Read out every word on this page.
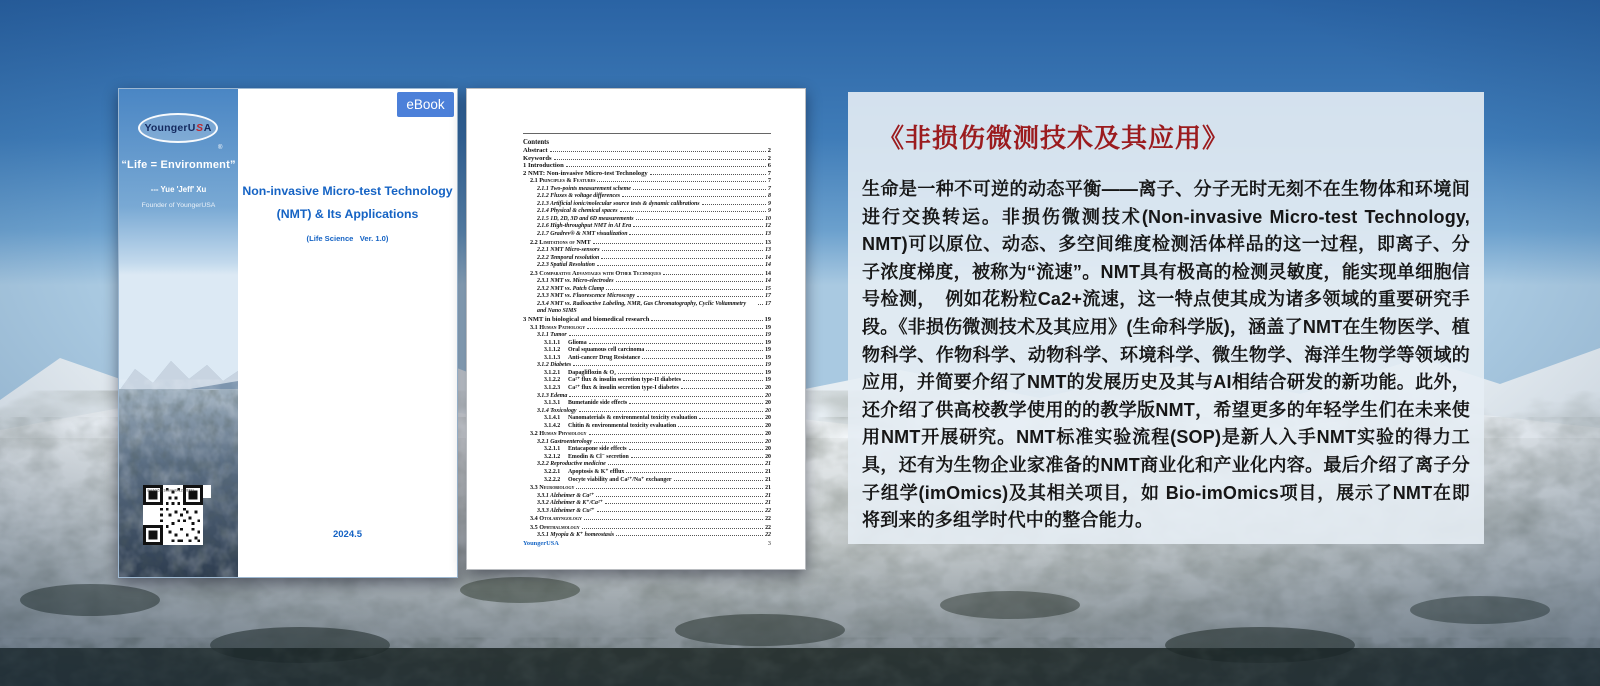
YoungerU S A
®
“Life = Environment”
--- Yue 'Jeff' Xu
Founder of YoungerUSA
doi:10.5281/zenodo.11518221
eBook
Non-invasive Micro-test Technology
(NMT) & Its Applications
(Life Science   Ver. 1.0)
2024.5
Contents
Abstract	2
Keywords	2
1 Introduction	6
2 NMT: Non-invasive Micro-test Technology	7
2.1 Principles & Features	7
2.1.1 Two-points measurement scheme	7
2.1.2 Fluxes & voltage differences	8
2.1.3 Artificial ionic/molecular source tests & dynamic calibrations	9
2.1.4 Physical & chemical spaces	9
2.1.5 1D, 2D, 3D and 6D measurements	10
2.1.6 High-throughput NMT in AI Era	12
2.1.7 Gradrev® & NMT visualization	13
2.2 Limitations of NMT	13
2.2.1 NMT Micro-sensors	13
2.2.2 Temporal resolution	14
2.2.3 Spatial Resolution	14
2.3 Comparative Advantages with Other Techniques	14
2.3.1 NMT vs. Micro-electrodes	14
2.3.2 NMT vs. Patch Clamp	15
2.3.3 NMT vs. Fluorescence Microscopy	17
2.3.4 NMT vs. Radioactive Labeling, NMR, Gas Chromatography, Cyclic Voltammetry and Nano SIMS
17
3 NMT in biological and biomedical research	19
3.1 Human Pathology	19
3.1.1 Tumor	19
3.1.1.1	Glioma	19
3.1.1.2	Oral squamous cell carcinoma	19
3.1.1.3	Anti-cancer Drug Resistance	19
3.1.2 Diabetes	19
3.1.2.1	Dapagliflozin & O₂	19
3.1.2.2	Ca²⁺ flux & insulin secretion type-II diabetes	19
3.1.2.3	Ca²⁺ flux & insulin secretion type-I diabetes	20
3.1.3 Edema	20
3.1.3.1	Bumetanide side effects	20
3.1.4 Toxicology	20
3.1.4.1	Nanomaterials & environmental toxicity evaluation	20
3.1.4.2	Chitin & environmental toxicity evaluation	20
3.2 Human Physiology	20
3.2.1 Gastroenterology	20
3.2.1.1	Entacapone side effects	20
3.2.1.2	Emodin & Cl⁻ secretion	20
3.2.2 Reproductive medicine	21
3.2.2.1	Apoptosis & K⁺ efflux	21
3.2.2.2	Oocyte viability and Ca²⁺/Na⁺ exchanger	21
3.3 Neurobiology	21
3.3.1 Alzheimer & Ca²⁺	21
3.3.2 Alzheimer & K⁺/Ca²⁺	21
3.3.3 Alzheimer & Cu²⁺	22
3.4 Otolaryngology	22
3.5 Ophthalmology	22
3.5.1 Myopia & K⁺ homeostasis	22
YoungerUSA	3
《非损伤微测技术及其应用》
生命是一种不可逆的动态平衡——离子、分子无时无刻不在生物体和环境间进行交换转运。非损伤微测技术(Non-invasive Micro-test Technology, NMT)可以原位、动态、多空间维度检测活体样品的这一过程，即离子、分子浓度梯度，被称为“流速”。NMT具有极高的检测灵敏度，能实现单细胞信号检测，　例如花粉粒Ca2+流速，这一特点使其成为诸多领域的重要研究手段。《非损伤微测技术及其应用》(生命科学版)，涵盖了NMT在生物医学、植物科学、作物科学、动物科学、环境科学、微生物学、海洋生物学等领域的应用，并简要介绍了NMT的发展历史及其与AI相结合研发的新功能。此外，还介绍了供高校教学使用的的教学版NMT，希望更多的年轻学生们在未来使用NMT开展研究。NMT标准实验流程(SOP)是新人入手NMT实验的得力工具，还有为生物企业家准备的NMT商业化和产业化内容。最后介绍了离子分子组学(imOmics)及其相关项目，如 Bio-imOmics项目，展示了NMT在即将到来的多组学时代中的整合能力。
